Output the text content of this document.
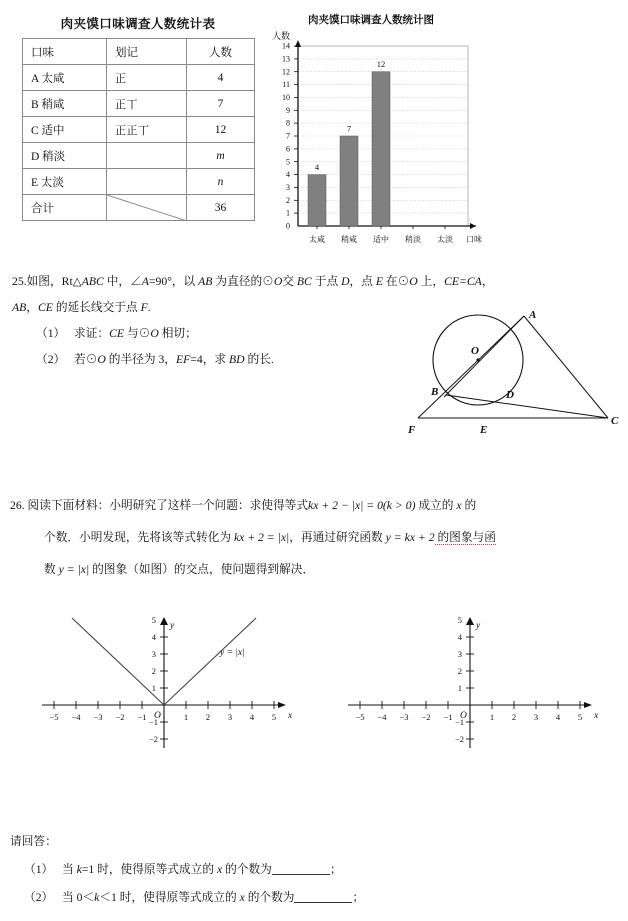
肉夹馍口味调查人数统计表
口味	划记	人数
A 太咸	正	4
B 稍咸	正丅	7
C 适中	正正丅	12
D 稍淡		m
E 太淡		n
合计		36
肉夹馍口味调查人数统计图
人数
0
1
2
3
4
5
6
7
8
9
10
11
12
13
14
4
7
12
太咸 稍咸 适中 稍淡 太淡 口味
25.如图，Rt△ABC 中，∠A=90°，以 AB 为直径的⊙O交 BC 于点 D，点 E 在⊙O 上，CE=CA，
AB，CE 的延长线交于点 F.
（1） 求证：CE 与⊙O 相切；
（2） 若⊙O 的半径为 3，EF=4，求 BD 的长.
A
B
C
D
E
F
O
26. 阅读下面材料：小明研究了这样一个问题：求使得等式kx + 2 − |x| = 0(k > 0) 成立的 x 的
个数．小明发现，先将该等式转化为 kx + 2 = |x|，再通过研究函数 y = kx + 2 的图象与函
数 y = |x| 的图象（如图）的交点，使问题得到解决．
−5 −4 −3 −2 −1	1 2 3 4 5
1
2
3
4
5
−1
−2
y
x
O
y = |x|
−5 −4 −3 −2 −1	1 2 3 4 5
1
2
3
4
5
−1
−2
y
x
O
请回答：
（1） 当 k=1 时，使得原等式成立的 x 的个数为	；
（2） 当 0＜k＜1 时，使得原等式成立的 x 的个数为	；
